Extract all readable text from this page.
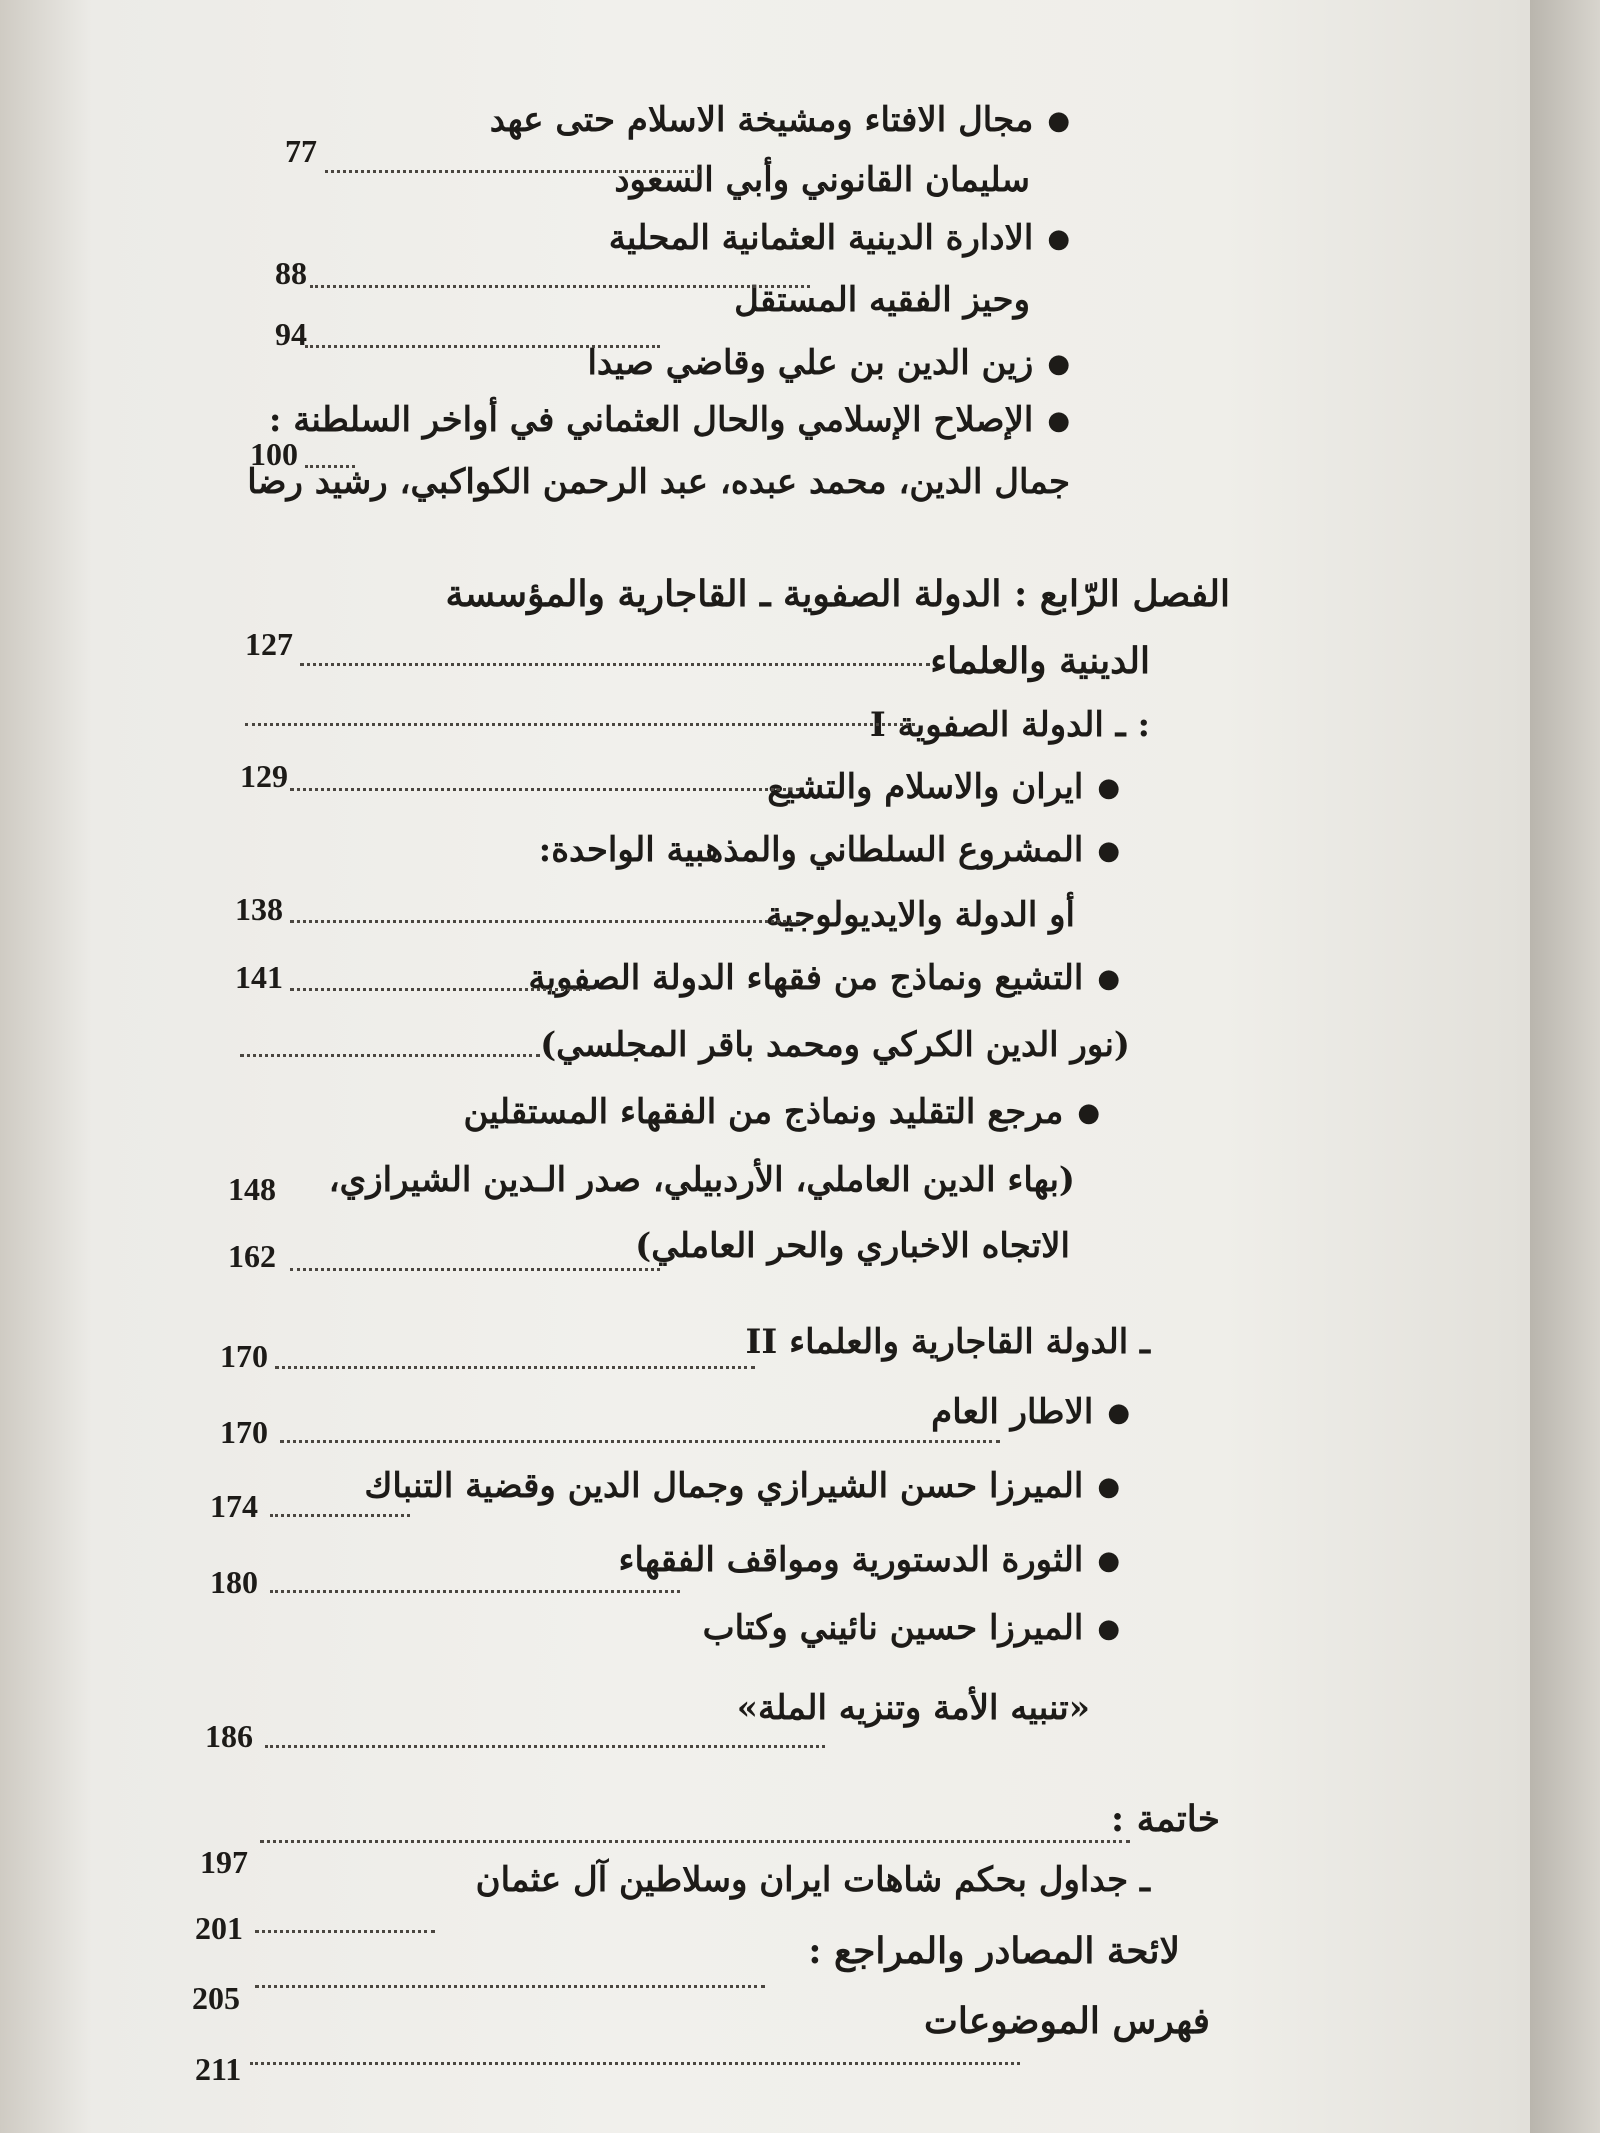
● مجال الافتاء ومشيخة الاسلام حتى عهد
سليمان القانوني وأبي السعود
77
● الادارة الدينية العثمانية المحلية
وحيز الفقيه المستقل
88
● زين الدين بن علي وقاضي صيدا
94
● الإصلاح الإسلامي والحال العثماني في أواخر السلطنة :
جمال الدين، محمد عبده، عبد الرحمن الكواكبي، رشيد رضا
100
الفصل الرّابع : الدولة الصفوية ـ القاجارية والمؤسسة
الدينية والعلماء
127
I ـ الدولة الصفوية :
● ايران والاسلام والتشيع
129
● المشروع السلطاني والمذهبية الواحدة:
أو الدولة والايديولوجية
138
● التشيع ونماذج من فقهاء الدولة الصفوية
(نور الدين الكركي ومحمد باقر المجلسي)
141
● مرجع التقليد ونماذج من الفقهاء المستقلين
(بهاء الدين العاملي، الأردبيلي، صدر الـدين الشيرازي،
148
الاتجاه الاخباري والحر العاملي)
162
II ـ الدولة القاجارية والعلماء
170
● الاطار العام
170
● الميرزا حسن الشيرازي وجمال الدين وقضية التنباك
174
● الثورة الدستورية ومواقف الفقهاء
180
● الميرزا حسين نائيني وكتاب
«تنبيه الأمة وتنزيه الملة»
186
خاتمة :
197	ـ جداول بحكم شاهات ايران وسلاطين آل عثمان
201
لائحة المصادر والمراجع :
205
فهرس الموضوعات
211
